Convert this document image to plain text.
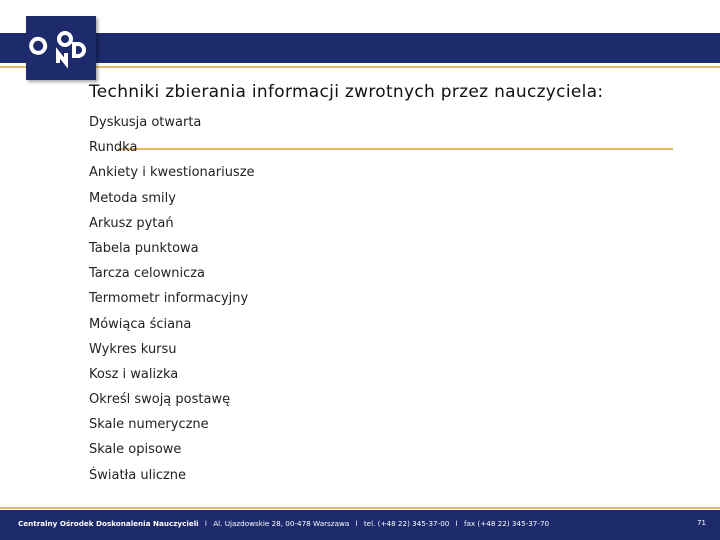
Techniki zbierania informacji zwrotnych przez nauczyciela:
Dyskusja otwarta
Rundka
Ankiety i kwestionariusze
Metoda smily
Arkusz pytań
Tabela punktowa
Tarcza celownicza
Termometr informacyjny
Mówiąca ściana
Wykres kursu
Kosz i walizka
Określ swoją postawę
Skale numeryczne
Skale opisowe
Światła uliczne
Centralny Ośrodek Doskonalenia Nauczycieli l Al. Ujazdowskie 28, 00-478 Warszawa l tel. (+48 22) 345-37-00 l fax (+48 22) 345-37-70	71
